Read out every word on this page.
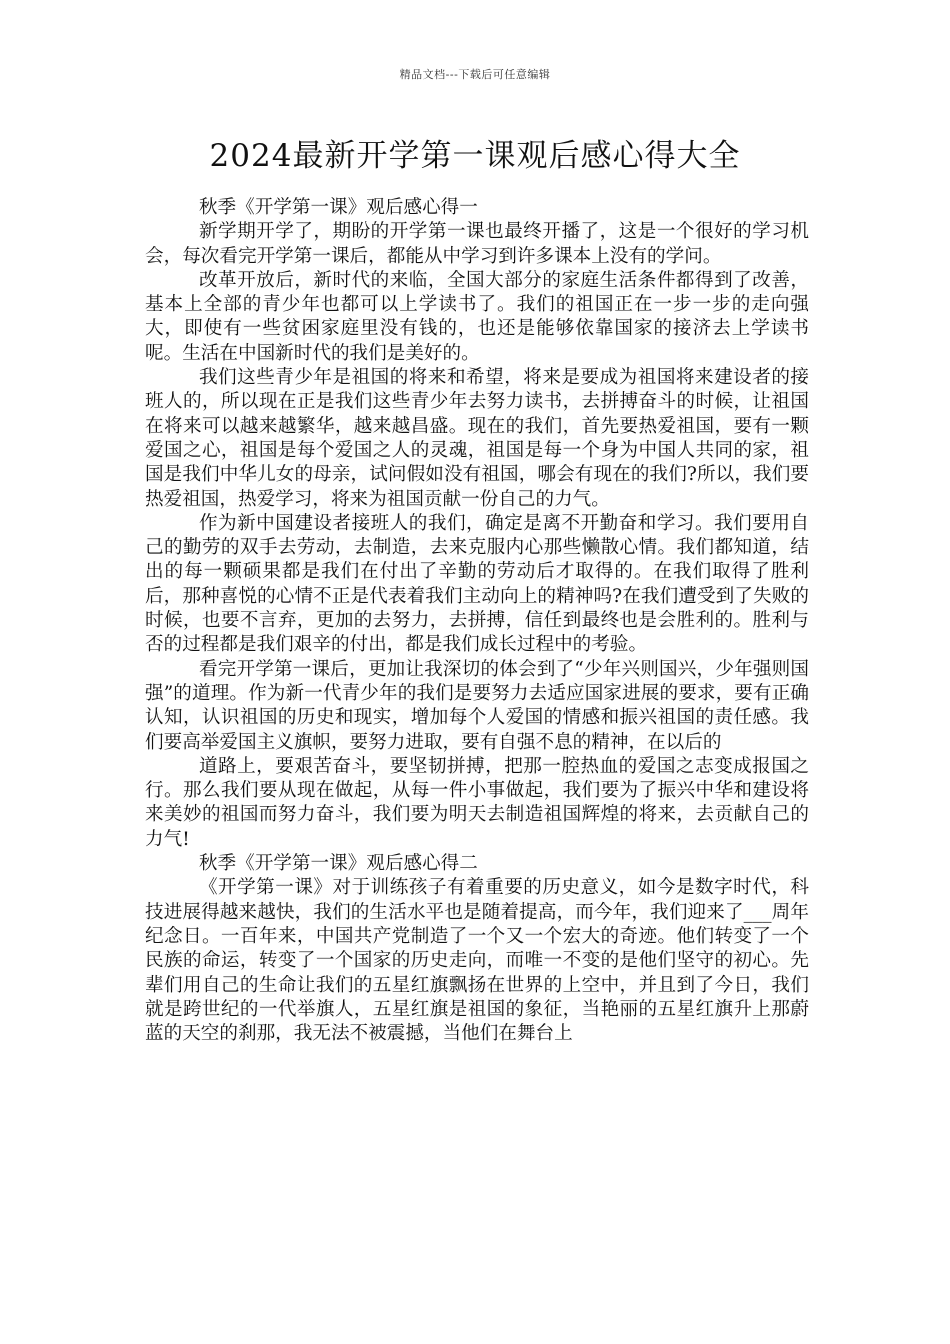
精品文档---下载后可任意编辑
2024最新开学第一课观后感心得大全

秋季《开学第一课》观后感心得一

新学期开学了，期盼的开学第一课也最终开播了，这是一个很好的学习机会，每次看完开学第一课后，都能从中学习到许多课本上没有的学问。

改革开放后，新时代的来临，全国大部分的家庭生活条件都得到了改善，基本上全部的青少年也都可以上学读书了。我们的祖国正在一步一步的走向强大，即使有一些贫困家庭里没有钱的，也还是能够依靠国家的接济去上学读书呢。生活在中国新时代的我们是美好的。

我们这些青少年是祖国的将来和希望，将来是要成为祖国将来建设者的接班人的，所以现在正是我们这些青少年去努力读书，去拼搏奋斗的时候，让祖国在将来可以越来越繁华，越来越昌盛。现在的我们，首先要热爱祖国，要有一颗爱国之心，祖国是每个爱国之人的灵魂，祖国是每一个身为中国人共同的家，祖国是我们中华儿女的母亲，试问假如没有祖国，哪会有现在的我们?所以，我们要热爱祖国，热爱学习，将来为祖国贡献一份自己的力气。

作为新中国建设者接班人的我们，确定是离不开勤奋和学习。我们要用自己的勤劳的双手去劳动，去制造，去来克服内心那些懒散心情。我们都知道，结出的每一颗硕果都是我们在付出了辛勤的劳动后才取得的。在我们取得了胜利后，那种喜悦的心情不正是代表着我们主动向上的精神吗?在我们遭受到了失败的时候，也要不言弃，更加的去努力，去拼搏，信任到最终也是会胜利的。胜利与否的过程都是我们艰辛的付出，都是我们成长过程中的考验。

看完开学第一课后，更加让我深切的体会到了“少年兴则国兴，少年强则国强”的道理。作为新一代青少年的我们是要努力去适应国家进展的要求，要有正确认知，认识祖国的历史和现实，增加每个人爱国的情感和振兴祖国的责任感。我们要高举爱国主义旗帜，要努力进取，要有自强不息的精神，在以后的

道路上，要艰苦奋斗，要坚韧拼搏，把那一腔热血的爱国之志变成报国之行。那么我们要从现在做起，从每一件小事做起，我们要为了振兴中华和建设将来美妙的祖国而努力奋斗，我们要为明天去制造祖国辉煌的将来，去贡献自己的力气!

秋季《开学第一课》观后感心得二

《开学第一课》对于训练孩子有着重要的历史意义，如今是数字时代，科技进展得越来越快，我们的生活水平也是随着提高，而今年，我们迎来了___周年纪念日。一百年来，中国共产党制造了一个又一个宏大的奇迹。他们转变了一个民族的命运，转变了一个国家的历史走向，而唯一不变的是他们坚守的初心。先辈们用自己的生命让我们的五星红旗飘扬在世界的上空中，并且到了今日，我们就是跨世纪的一代举旗人，五星红旗是祖国的象征，当艳丽的五星红旗升上那蔚蓝的天空的刹那，我无法不被震撼，当他们在舞台上
